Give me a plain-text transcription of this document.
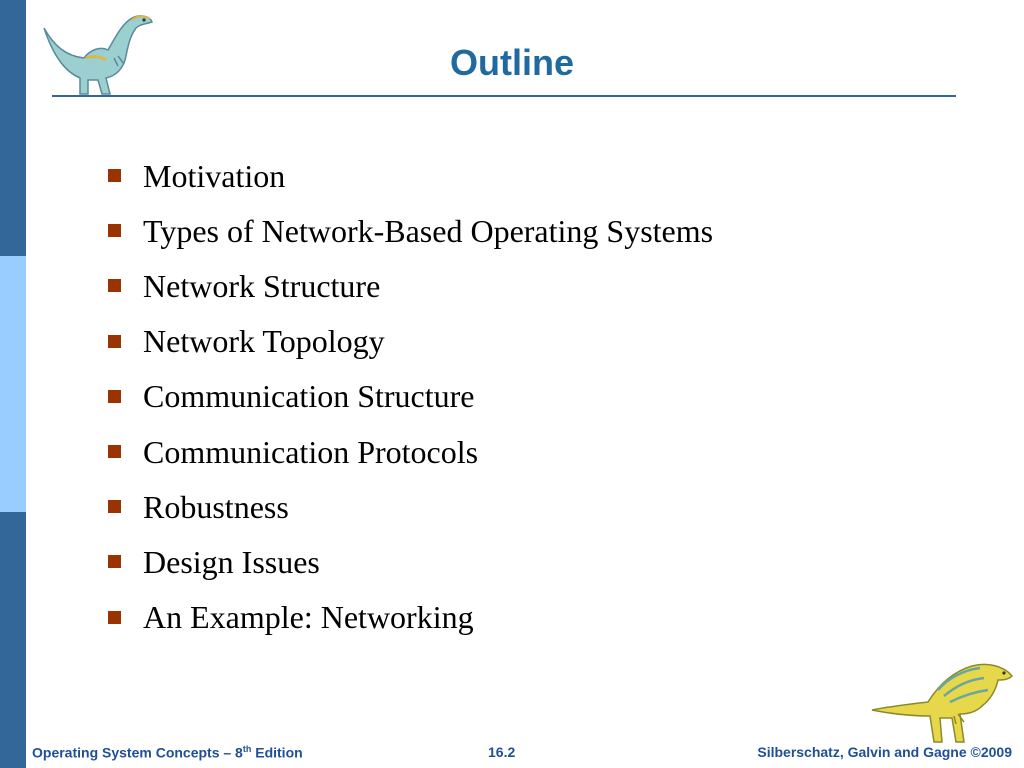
Outline
Motivation
Types of Network-Based Operating Systems
Network Structure
Network Topology
Communication Structure
Communication Protocols
Robustness
Design Issues
An Example: Networking
Operating System Concepts – 8th Edition	16.2	Silberschatz, Galvin and Gagne ©2009
